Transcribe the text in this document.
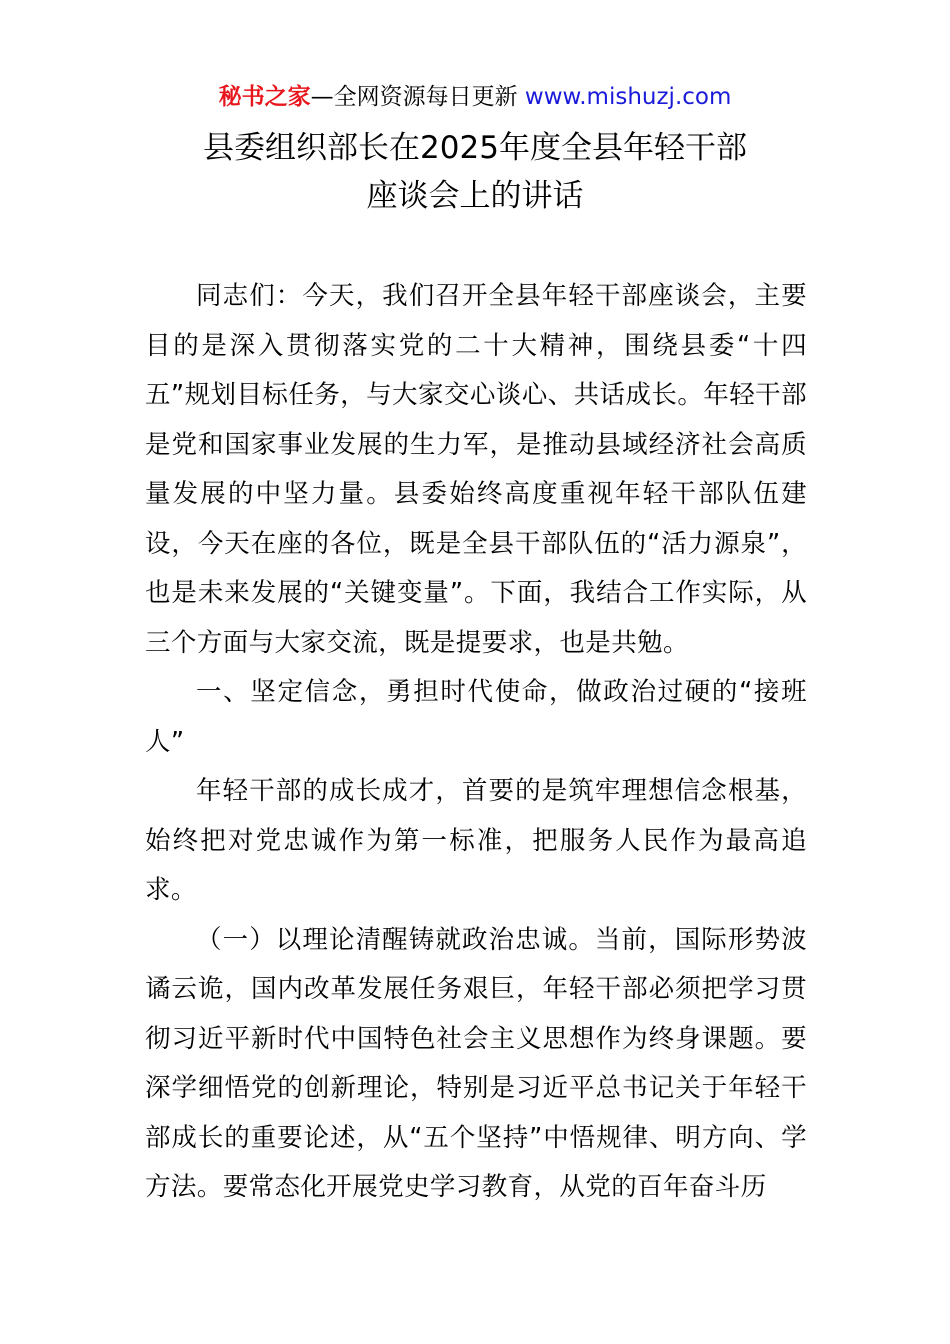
秘书之家—全网资源每日更新 www.mishuzj.com
县委组织部长在2025年度全县年轻干部
座谈会上的讲话

同志们：今天，我们召开全县年轻干部座谈会，主要目的是深入贯彻落实党的二十大精神，围绕县委“十四五”规划目标任务，与大家交心谈心、共话成长。年轻干部是党和国家事业发展的生力军，是推动县域经济社会高质量发展的中坚力量。县委始终高度重视年轻干部队伍建设，今天在座的各位，既是全县干部队伍的“活力源泉”，也是未来发展的“关键变量”。下面，我结合工作实际，从三个方面与大家交流，既是提要求，也是共勉。

一、坚定信念，勇担时代使命，做政治过硬的“接班人”

年轻干部的成长成才，首要的是筑牢理想信念根基，始终把对党忠诚作为第一标准，把服务人民作为最高追求。

（一）以理论清醒铸就政治忠诚。当前，国际形势波谲云诡，国内改革发展任务艰巨，年轻干部必须把学习贯彻习近平新时代中国特色社会主义思想作为终身课题。要深学细悟党的创新理论，特别是习近平总书记关于年轻干部成长的重要论述，从“五个坚持”中悟规律、明方向、学方法。要常态化开展党史学习教育，从党的百年奋斗历
